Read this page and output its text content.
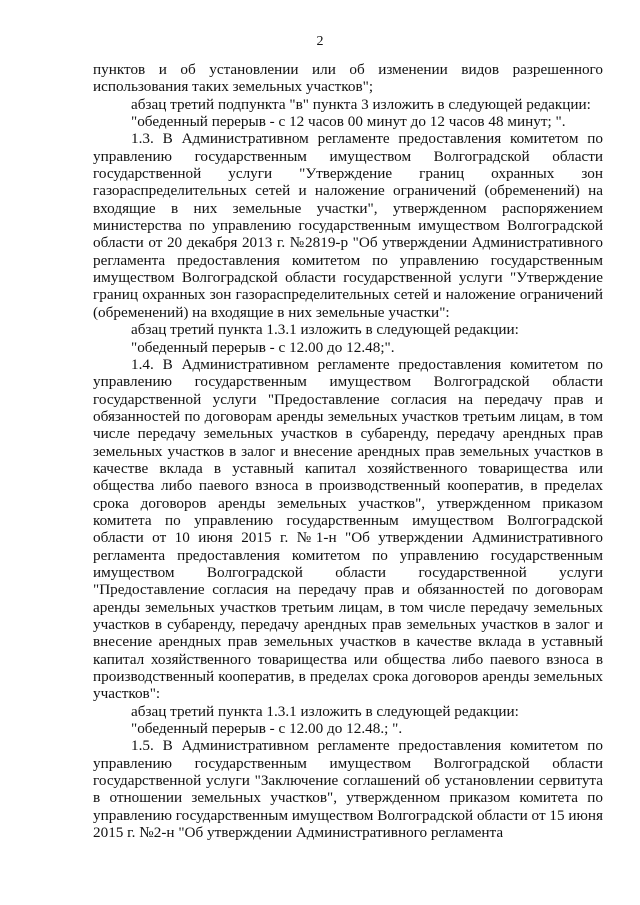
2

пунктов и об установлении или об изменении видов разрешенного использования таких земельных участков";

абзац третий подпункта "в" пункта 3 изложить в следующей редакции:

"обеденный перерыв - с 12 часов 00 минут до 12 часов 48 минут; ".

1.3. В Административном регламенте предоставления комитетом по управлению государственным имуществом Волгоградской области государственной услуги "Утверждение границ охранных зон газораспределительных сетей и наложение ограничений (обременений) на входящие в них земельные участки", утвержденном распоряжением министерства по управлению государственным имуществом Волгоградской области от 20 декабря 2013 г. №2819-р "Об утверждении Административного регламента предоставления комитетом по управлению государственным имуществом Волгоградской области государственной услуги "Утверждение границ охранных зон газораспределительных сетей и наложение ограничений (обременений) на входящие в них земельные участки":

абзац третий пункта 1.3.1 изложить в следующей редакции:

"обеденный перерыв - с 12.00 до 12.48;".

1.4. В Административном регламенте предоставления комитетом по управлению государственным имуществом Волгоградской области государственной услуги "Предоставление согласия на передачу прав и обязанностей по договорам аренды земельных участков третьим лицам, в том числе передачу земельных участков в субаренду, передачу арендных прав земельных участков в залог и внесение арендных прав земельных участков в качестве вклада в уставный капитал хозяйственного товарищества или общества либо паевого взноса в производственный кооператив, в пределах срока договоров аренды земельных участков", утвержденном приказом комитета по управлению государственным имуществом Волгоградской области от 10 июня 2015 г. №1-н "Об утверждении Административного регламента предоставления комитетом по управлению государственным имуществом Волгоградской области государственной услуги "Предоставление согласия на передачу прав и обязанностей по договорам аренды земельных участков третьим лицам, в том числе передачу земельных участков в субаренду, передачу арендных прав земельных участков в залог и внесение арендных прав земельных участков в качестве вклада в уставный капитал хозяйственного товарищества или общества либо паевого взноса в производственный кооператив, в пределах срока договоров аренды земельных участков":

абзац третий пункта 1.3.1 изложить в следующей редакции:

"обеденный перерыв - с 12.00 до 12.48.; ".

1.5. В Административном регламенте предоставления комитетом по управлению государственным имуществом Волгоградской области государственной услуги "Заключение соглашений об установлении сервитута в отношении земельных участков", утвержденном приказом комитета по управлению государственным имуществом Волгоградской области от 15 июня 2015 г. №2-н "Об утверждении Административного регламента
